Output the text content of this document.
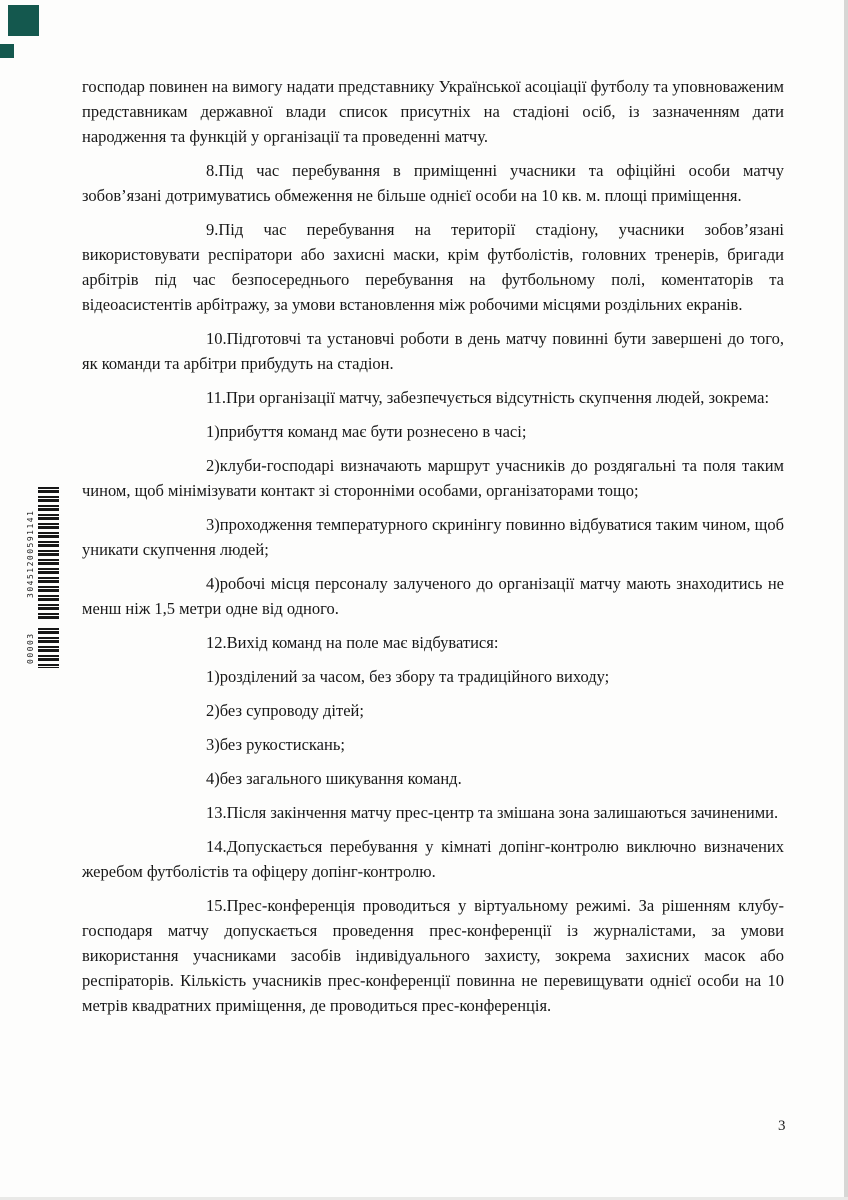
господар повинен на вимогу надати представнику Української асоціації футболу та уповноваженим представникам державної влади список присутніх на стадіоні осіб, із зазначенням дати народження та функцій у організації та проведенні матчу.

8.Під час перебування в приміщенні учасники та офіційні особи матчу зобов’язані дотримуватись обмеження не більше однієї особи на 10 кв. м. площі приміщення.

9.Під час перебування на території стадіону, учасники зобов’язані використовувати респіратори або захисні маски, крім футболістів, головних тренерів, бригади арбітрів під час безпосереднього перебування на футбольному полі, коментаторів та відеоасистентів арбітражу, за умови встановлення між робочими місцями роздільних екранів.

10.Підготовчі та установчі роботи в день матчу повинні бути завершені до того, як команди та арбітри прибудуть на стадіон.

11.При організації матчу, забезпечується відсутність скупчення людей, зокрема:

1)прибуття команд має бути рознесено в часі;

2)клуби-господарі визначають маршрут учасників до роздягальні та поля таким чином, щоб мінімізувати контакт зі сторонніми особами, організаторами тощо;

3)проходження температурного скринінгу повинно відбуватися таким чином, щоб уникати скупчення людей;

4)робочі місця персоналу залученого до організації матчу мають знаходитись не менш ніж 1,5 метри одне від одного.

12.Вихід команд на поле має відбуватися:

1)розділений за часом, без збору та традиційного виходу;

2)без супроводу дітей;

3)без рукостискань;

4)без загального шикування команд.

13.Після закінчення матчу прес-центр та змішана зона залишаються зачиненими.

14.Допускається перебування у кімнаті допінг-контролю виключно визначених жеребом футболістів та офіцеру допінг-контролю.

15.Прес-конференція проводиться у віртуальному режимі. За рішенням клубу-господаря матчу допускається проведення прес-конференції із журналістами, за умови використання учасниками засобів індивідуального захисту, зокрема захисних масок або респіраторів. Кількість учасників прес-конференції повинна не перевищувати однієї особи на 10 метрів квадратних приміщення, де проводиться прес-конференція.

30451200591141
00003
3
